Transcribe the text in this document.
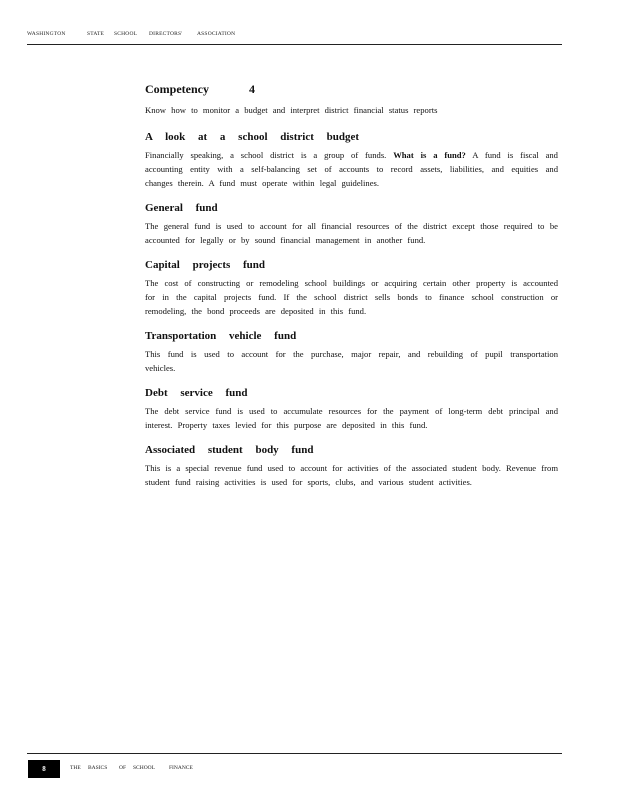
WASHINGTON	STATE SCHOOL DIRECTORS'	ASSOCIATION
Competency	4

Know how to monitor a budget and interpret district financial status reports

A look at a school district budget

Financially speaking, a school district is a group of funds. What is a fund? A fund is fiscal and accounting entity with a self-balancing set of accounts to record assets, liabilities, and equities and changes therein. A fund must operate within legal guidelines.

General fund

The general fund is used to account for all financial resources of the district except those required to be accounted for legally or by sound financial management in another fund.

Capital projects fund

The cost of constructing or remodeling school buildings or acquiring certain other property is accounted for in the capital projects fund. If the school district sells bonds to finance school construction or remodeling, the bond proceeds are deposited in this fund.

Transportation vehicle fund

This fund is used to account for the purchase, major repair, and rebuilding of pupil transportation vehicles.

Debt service fund

The debt service fund is used to accumulate resources for the payment of long-term debt principal and interest. Property taxes levied for this purpose are deposited in this fund.

Associated student body fund

This is a special revenue fund used to account for activities of the associated student body. Revenue from student fund raising activities is used for sports, clubs, and various student activities.

8	THE BASICS OF SCHOOL	FINANCE
